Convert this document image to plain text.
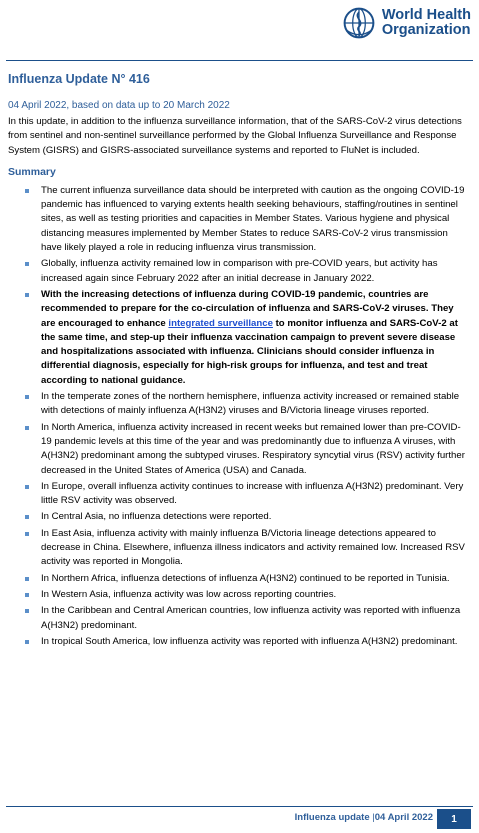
World Health
Organization
Influenza Update N° 416
04 April 2022, based on data up to 20 March 2022

In this update, in addition to the influenza surveillance information, that of the SARS-CoV-2 virus detections from sentinel and non-sentinel surveillance performed by the Global Influenza Surveillance and Response System (GISRS) and GISRS-associated surveillance systems and reported to FluNet is included.

Summary
The current influenza surveillance data should be interpreted with caution as the ongoing COVID-19 pandemic has influenced to varying extents health seeking behaviours, staffing/routines in sentinel sites, as well as testing priorities and capacities in Member States. Various hygiene and physical distancing measures implemented by Member States to reduce SARS-CoV-2 virus transmission have likely played a role in reducing influenza virus transmission.
Globally, influenza activity remained low in comparison with pre-COVID years, but activity has increased again since February 2022 after an initial decrease in January 2022.
With the increasing detections of influenza during COVID-19 pandemic, countries are recommended to prepare for the co-circulation of influenza and SARS-CoV-2 viruses. They are encouraged to enhance integrated surveillance to monitor influenza and SARS-CoV-2 at the same time, and step-up their influenza vaccination campaign to prevent severe disease and hospitalizations associated with influenza. Clinicians should consider influenza in differential diagnosis, especially for high-risk groups for influenza, and test and treat according to national guidance.
In the temperate zones of the northern hemisphere, influenza activity increased or remained stable with detections of mainly influenza A(H3N2) viruses and B/Victoria lineage viruses reported.
In North America, influenza activity increased in recent weeks but remained lower than pre-COVID-19 pandemic levels at this time of the year and was predominantly due to influenza A viruses, with A(H3N2) predominant among the subtyped viruses. Respiratory syncytial virus (RSV) activity further decreased in the United States of America (USA) and Canada.
In Europe, overall influenza activity continues to increase with influenza A(H3N2) predominant. Very little RSV activity was observed.
In Central Asia, no influenza detections were reported.
In East Asia, influenza activity with mainly influenza B/Victoria lineage detections appeared to decrease in China. Elsewhere, influenza illness indicators and activity remained low. Increased RSV activity was reported in Mongolia.
In Northern Africa, influenza detections of influenza A(H3N2) continued to be reported in Tunisia.
In Western Asia, influenza activity was low across reporting countries.
In the Caribbean and Central American countries, low influenza activity was reported with influenza A(H3N2) predominant.
In tropical South America, low influenza activity was reported with influenza A(H3N2) predominant.
Influenza update |04 April 2022	1
